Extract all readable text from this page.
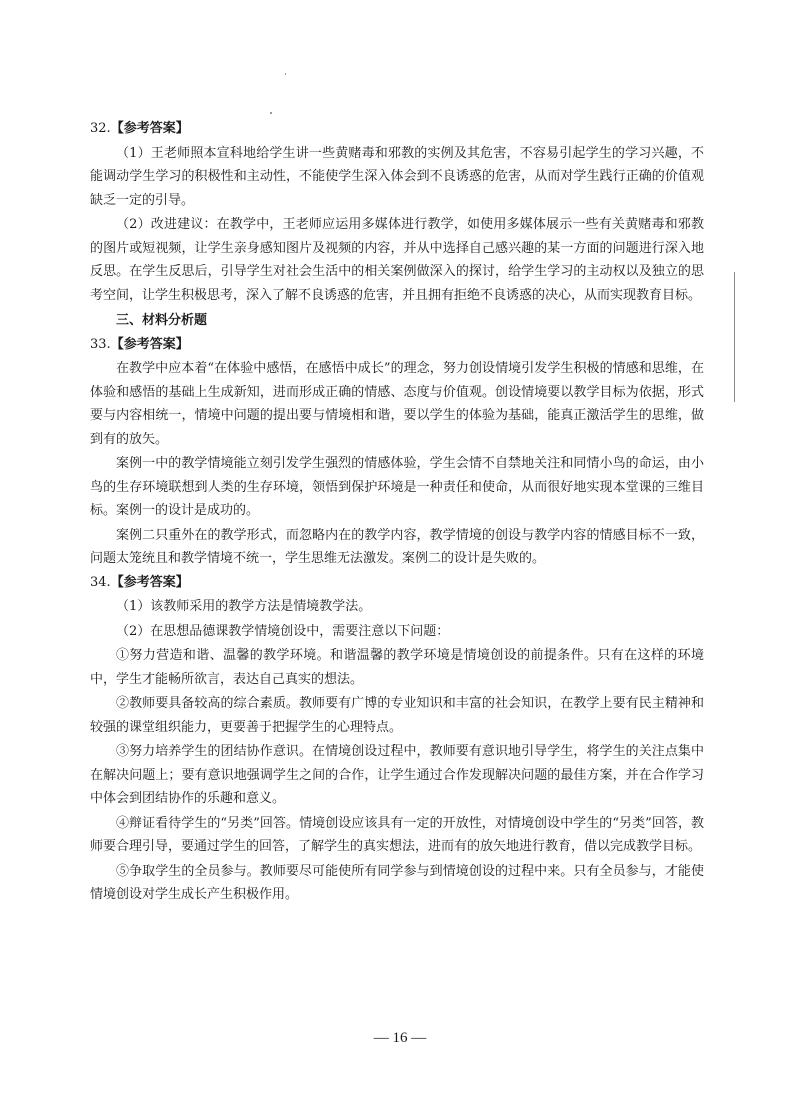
32.【参考答案】

（1）王老师照本宣科地给学生讲一些黄赌毒和邪教的实例及其危害，不容易引起学生的学习兴趣，不能调动学生学习的积极性和主动性，不能使学生深入体会到不良诱惑的危害，从而对学生践行正确的价值观缺乏一定的引导。

（2）改进建议：在教学中，王老师应运用多媒体进行教学，如使用多媒体展示一些有关黄赌毒和邪教的图片或短视频，让学生亲身感知图片及视频的内容，并从中选择自己感兴趣的某一方面的问题进行深入地反思。在学生反思后，引导学生对社会生活中的相关案例做深入的探讨，给学生学习的主动权以及独立的思考空间，让学生积极思考，深入了解不良诱惑的危害，并且拥有拒绝不良诱惑的决心，从而实现教育目标。

三、材料分析题

33.【参考答案】

在教学中应本着“在体验中感悟，在感悟中成长”的理念，努力创设情境引发学生积极的情感和思维，在体验和感悟的基础上生成新知，进而形成正确的情感、态度与价值观。创设情境要以教学目标为依据，形式要与内容相统一，情境中问题的提出要与情境相和谐，要以学生的体验为基础，能真正激活学生的思维，做到有的放矢。

案例一中的教学情境能立刻引发学生强烈的情感体验，学生会情不自禁地关注和同情小鸟的命运，由小鸟的生存环境联想到人类的生存环境，领悟到保护环境是一种责任和使命，从而很好地实现本堂课的三维目标。案例一的设计是成功的。

案例二只重外在的教学形式，而忽略内在的教学内容，教学情境的创设与教学内容的情感目标不一致，问题太笼统且和教学情境不统一，学生思维无法激发。案例二的设计是失败的。

34.【参考答案】

（1）该教师采用的教学方法是情境教学法。

（2）在思想品德课教学情境创设中，需要注意以下问题：

①努力营造和谐、温馨的教学环境。和谐温馨的教学环境是情境创设的前提条件。只有在这样的环境中，学生才能畅所欲言，表达自己真实的想法。

②教师要具备较高的综合素质。教师要有广博的专业知识和丰富的社会知识，在教学上要有民主精神和较强的课堂组织能力，更要善于把握学生的心理特点。

③努力培养学生的团结协作意识。在情境创设过程中，教师要有意识地引导学生，将学生的关注点集中在解决问题上；要有意识地强调学生之间的合作，让学生通过合作发现解决问题的最佳方案，并在合作学习中体会到团结协作的乐趣和意义。

④辩证看待学生的“另类”回答。情境创设应该具有一定的开放性，对情境创设中学生的“另类”回答，教师要合理引导，要通过学生的回答，了解学生的真实想法，进而有的放矢地进行教育，借以完成教学目标。

⑤争取学生的全员参与。教师要尽可能使所有同学参与到情境创设的过程中来。只有全员参与，才能使情境创设对学生成长产生积极作用。

— 16 —
